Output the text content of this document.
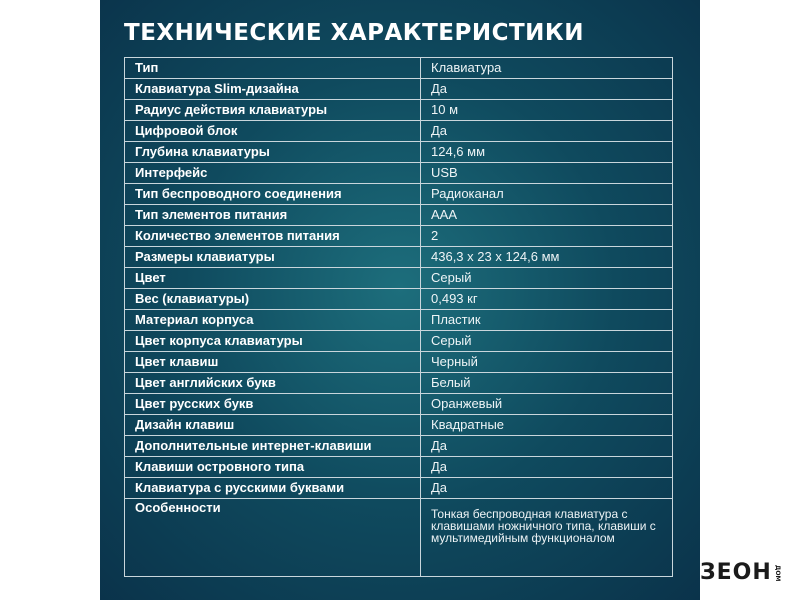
ТЕХНИЧЕСКИЕ ХАРАКТЕРИСТИКИ
Тип	Клавиатура
Клавиатура Slim-дизайна	Да
Радиус действия клавиатуры	10 м
Цифровой блок	Да
Глубина клавиатуры	124,6 мм
Интерфейс	USB
Тип беспроводного соединения	Радиоканал
Тип элементов питания	AAA
Количество элементов питания	2
Размеры клавиатуры	436,3 x 23 x 124,6 мм
Цвет	Серый
Вес (клавиатуры)	0,493 кг
Материал корпуса	Пластик
Цвет корпуса клавиатуры	Серый
Цвет клавиш	Черный
Цвет английских букв	Белый
Цвет русских букв	Оранжевый
Дизайн клавиш	Квадратные
Дополнительные интернет-клавиши	Да
Клавиши островного типа	Да
Клавиатура с русскими буквами	Да
Особенности	Тонкая беспроводная клавиатура с клавишами ножничного типа, клавиши с мультимедийным функционалом
ЗЕОН ДОМ
